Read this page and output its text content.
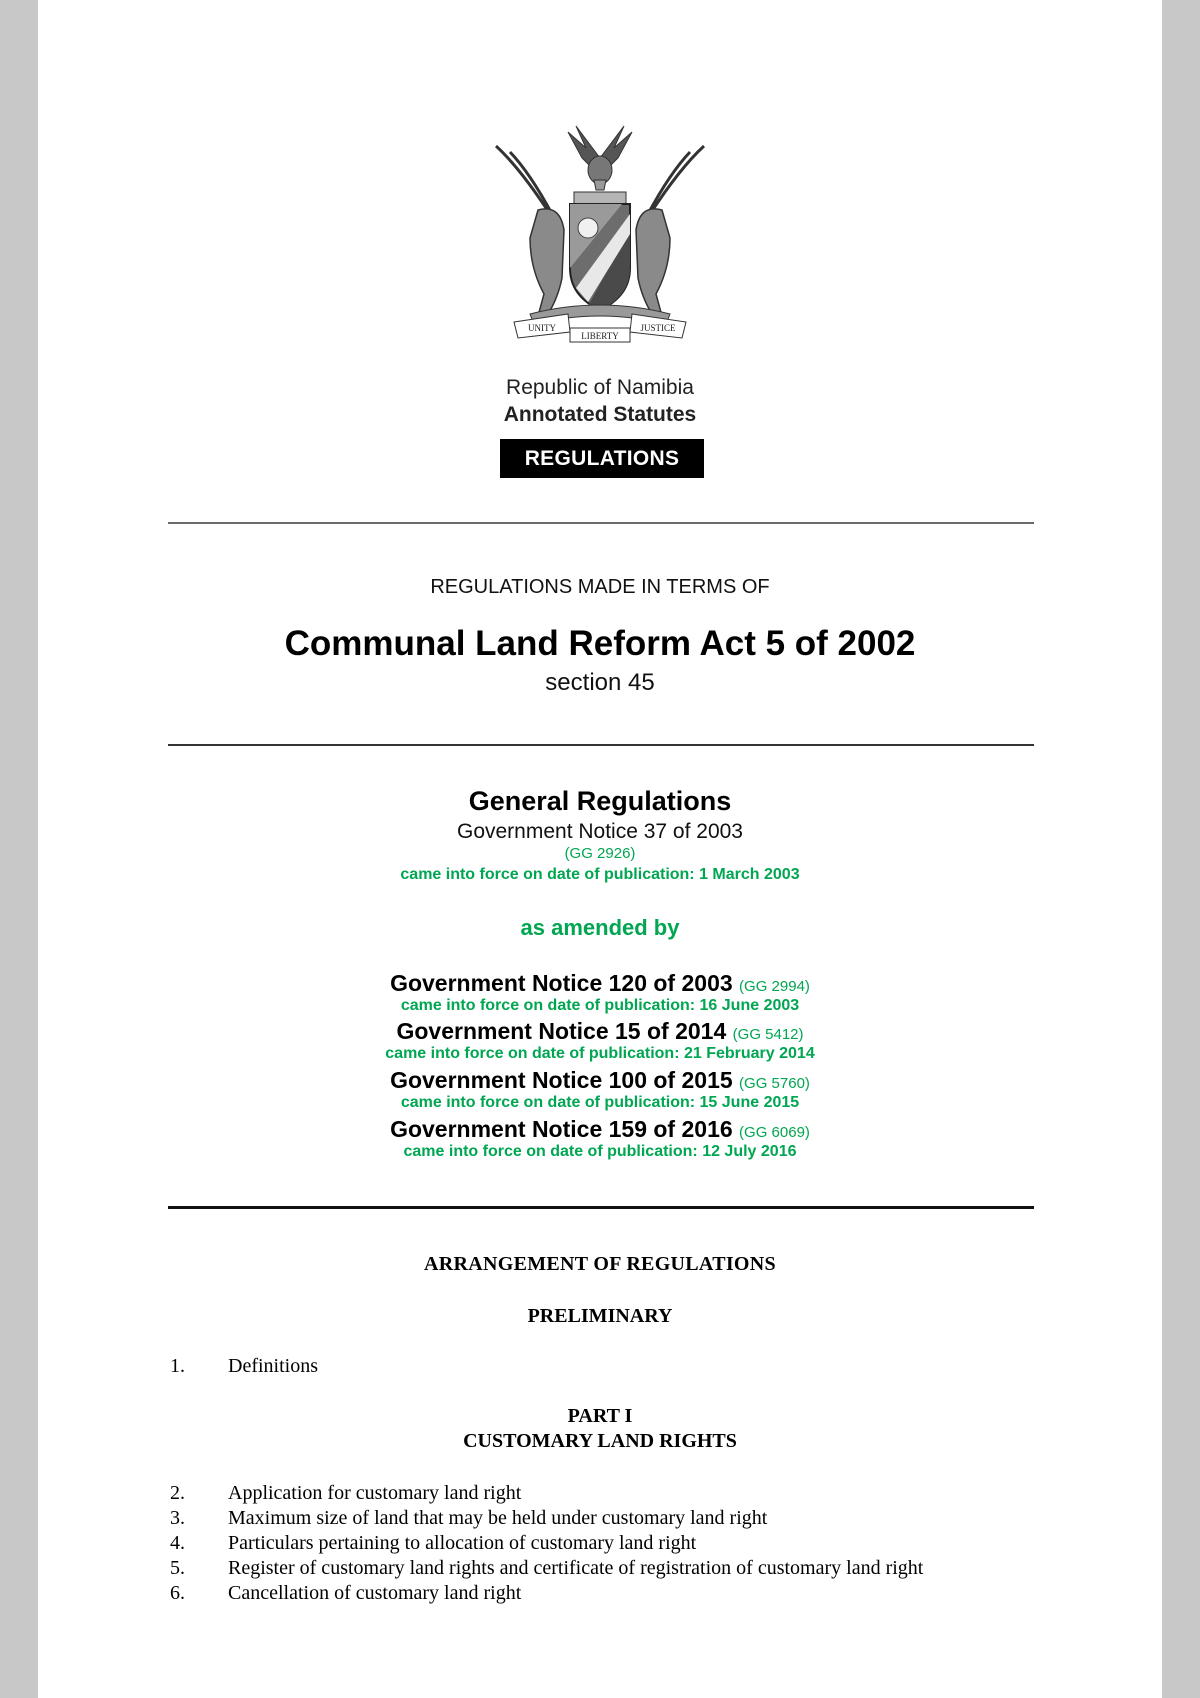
UNITY
LIBERTY
JUSTICE
Republic of Namibia
Annotated Statutes
REGULATIONS
REGULATIONS MADE IN TERMS OF
Communal Land Reform Act 5 of 2002
section 45
General Regulations
Government Notice 37 of 2003
(GG 2926)
came into force on date of publication: 1 March 2003
as amended by
Government Notice 120 of 2003 (GG 2994)
came into force on date of publication: 16 June 2003
Government Notice 15 of 2014 (GG 5412)
came into force on date of publication: 21 February 2014
Government Notice 100 of 2015 (GG 5760)
came into force on date of publication: 15 June 2015
Government Notice 159 of 2016 (GG 6069)
came into force on date of publication: 12 July 2016
ARRANGEMENT OF REGULATIONS
PRELIMINARY
1. Definitions
PART I
CUSTOMARY LAND RIGHTS
2. Application for customary land right
3. Maximum size of land that may be held under customary land right
4. Particulars pertaining to allocation of customary land right
5. Register of customary land rights and certificate of registration of customary land right
6. Cancellation of customary land right
